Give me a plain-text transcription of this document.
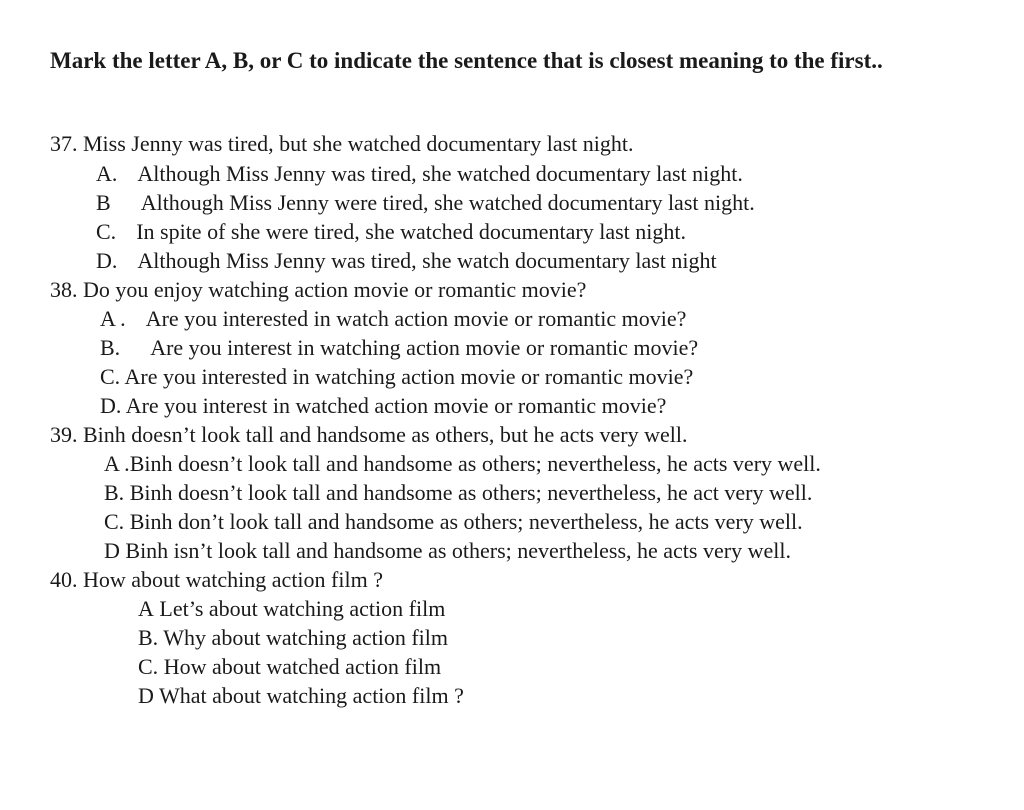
Mark the letter A, B, or C to indicate the sentence that is closest meaning to the first..
37. Miss Jenny was tired, but she watched documentary last night.
A. Although Miss Jenny was tired, she watched documentary last night.
B Although Miss Jenny were tired, she watched documentary last night.
C. In spite of she were tired, she watched documentary last night.
D. Although Miss Jenny was tired, she watch documentary last night
38. Do you enjoy watching action movie or romantic movie?
A . Are you interested in watch action movie or romantic movie?
B. Are you interest in watching action movie or romantic movie?
C. Are you interested in watching action movie or romantic movie?
D. Are you interest in watched action movie or romantic movie?
39. Binh doesn’t look tall and handsome as others, but he acts very well.
A .Binh doesn’t look tall and handsome as others; nevertheless, he acts very well.
B. Binh doesn’t look tall and handsome as others; nevertheless, he act very well.
C. Binh don’t look tall and handsome as others; nevertheless, he acts very well.
D Binh isn’t look tall and handsome as others; nevertheless, he acts very well.
40. How about watching action film ?
A Let’s about watching action film
B. Why about watching action film
C. How about watched action film
D What about watching action film ?
